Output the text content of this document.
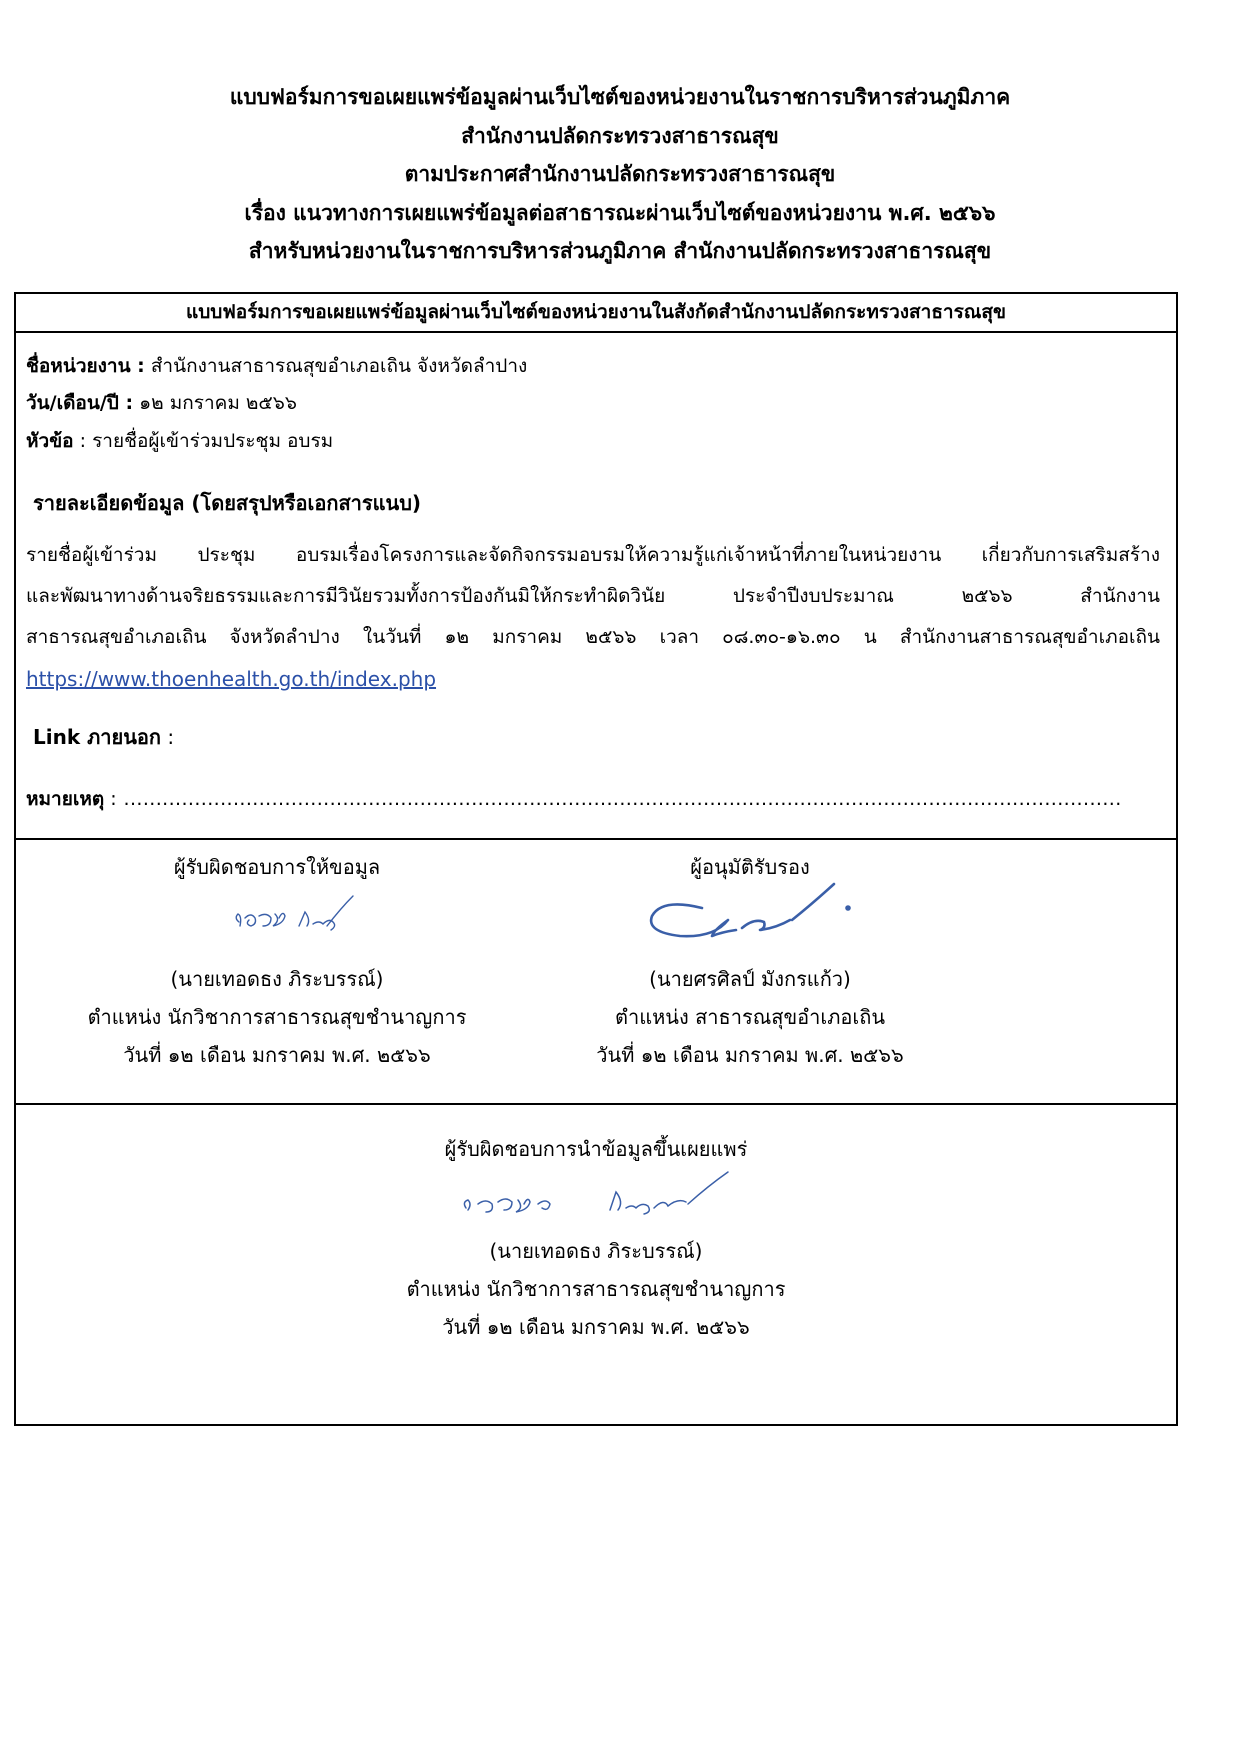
แบบฟอร์มการขอเผยแพร่ข้อมูลผ่านเว็บไซต์ของหน่วยงานในราชการบริหารส่วนภูมิภาค
สำนักงานปลัดกระทรวงสาธารณสุข
ตามประกาศสำนักงานปลัดกระทรวงสาธารณสุข
เรื่อง แนวทางการเผยแพร่ข้อมูลต่อสาธารณะผ่านเว็บไซต์ของหน่วยงาน พ.ศ. ๒๕๖๖
สำหรับหน่วยงานในราชการบริหารส่วนภูมิภาค สำนักงานปลัดกระทรวงสาธารณสุข
แบบฟอร์มการขอเผยแพร่ข้อมูลผ่านเว็บไซต์ของหน่วยงานในสังกัดสำนักงานปลัดกระทรวงสาธารณสุข
ชื่อหน่วยงาน : สำนักงานสาธารณสุขอำเภอเถิน จังหวัดลำปาง
วัน/เดือน/ปี : ๑๒ มกราคม ๒๕๖๖
หัวข้อ : รายชื่อผู้เข้าร่วมประชุม อบรม
รายละเอียดข้อมูล (โดยสรุปหรือเอกสารแนบ)
รายชื่อผู้เข้าร่วม ประชุม อบรมเรื่องโครงการและจัดกิจกรรมอบรมให้ความรู้แก่เจ้าหน้าที่ภายในหน่วยงาน เกี่ยวกับการเสริมสร้าง
และพัฒนาทางด้านจริยธรรมและการมีวินัยรวมทั้งการป้องกันมิให้กระทำผิดวินัย ประจำปีงบประมาณ ๒๕๖๖ สำนักงาน
สาธารณสุขอำเภอเถิน จังหวัดลำปาง ในวันที่ ๑๒ มกราคม ๒๕๖๖ เวลา ๐๘.๓๐-๑๖.๓๐ น สำนักงานสาธารณสุขอำเภอเถิน
https://www.thoenhealth.go.th/index.php
Link ภายนอก :
หมายเหตุ : ...........................................................................................................................................................
ผู้รับผิดชอบการให้ขอมูล
(นายเทอดธง ภิระบรรณ์)
ตำแหน่ง นักวิชาการสาธารณสุขชำนาญการ
วันที่ ๑๒ เดือน มกราคม พ.ศ. ๒๕๖๖
ผู้อนุมัติรับรอง
(นายศรศิลป์ มังกรแก้ว)
ตำแหน่ง สาธารณสุขอำเภอเถิน
วันที่ ๑๒ เดือน มกราคม พ.ศ. ๒๕๖๖
ผู้รับผิดชอบการนำข้อมูลขึ้นเผยแพร่
(นายเทอดธง ภิระบรรณ์)
ตำแหน่ง นักวิชาการสาธารณสุขชำนาญการ
วันที่ ๑๒ เดือน มกราคม พ.ศ. ๒๕๖๖
